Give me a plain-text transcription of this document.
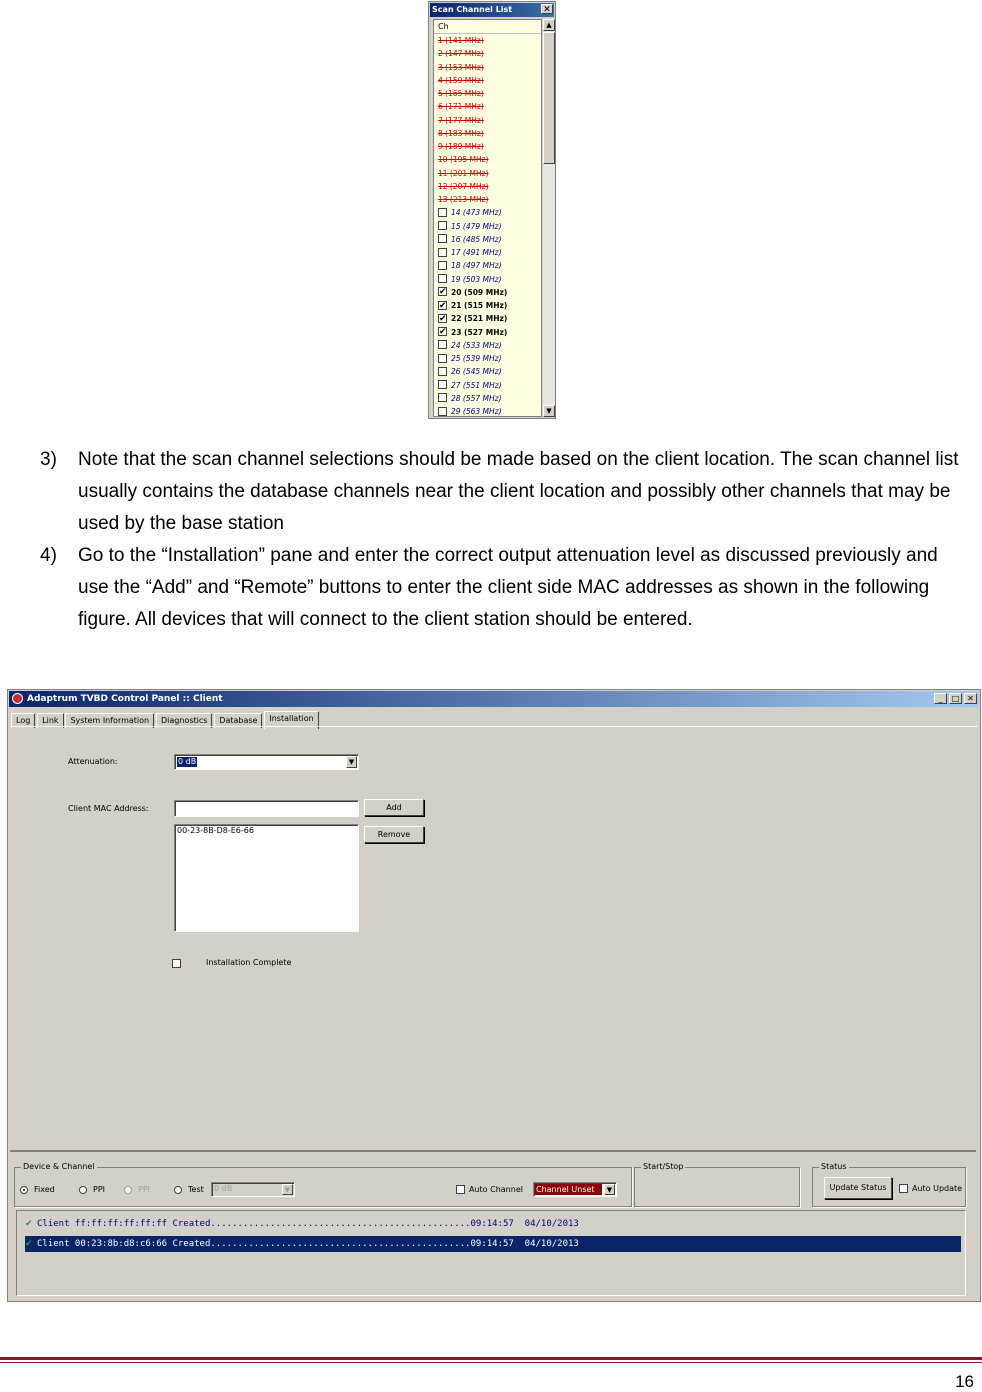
Scan Channel List	✕
Ch
1 (141 MHz)
2 (147 MHz)
3 (153 MHz)
4 (159 MHz)
5 (165 MHz)
6 (171 MHz)
7 (177 MHz)
8 (183 MHz)
9 (189 MHz)
10 (195 MHz)
11 (201 MHz)
12 (207 MHz)
13 (213 MHz)
14 (473 MHz)
15 (479 MHz)
16 (485 MHz)
17 (491 MHz)
18 (497 MHz)
19 (503 MHz)
✔ 20 (509 MHz)
✔ 21 (515 MHz)
✔ 22 (521 MHz)
✔ 23 (527 MHz)
24 (533 MHz)
25 (539 MHz)
26 (545 MHz)
27 (551 MHz)
28 (557 MHz)
29 (563 MHz)
▲
▼
3) Note that the scan channel selections should be made based on the client location. The scan channel list usually contains the database channels near the client location and possibly other channels that may be used by the base station
4) Go to the “Installation” pane and enter the correct output attenuation level as discussed previously and use the “Add” and “Remote” buttons to enter the client side MAC addresses as shown in the following figure. All devices that will connect to the client station should be entered.
Adaptrum TVBD Control Panel :: Client	_	□ ✕
Log Link System Information Diagnostics Database Installation
Attenuation:	0 dB	▼
Client MAC Address:	Add
Remove
00-23-8B-D8-E6-66
Installation Complete
Device & Channel
Fixed	PPI	PPI	Test 0 dB	▼	Auto Channel Channel Unset	▼
Start/Stop	Status
Update Status	Auto Update
✔ Client ff:ff:ff:ff:ff:ff Created................................................09:14:57  04/10/2013
✔ Client 00:23:8b:d8:c6:66 Created................................................09:14:57  04/10/2013
16
